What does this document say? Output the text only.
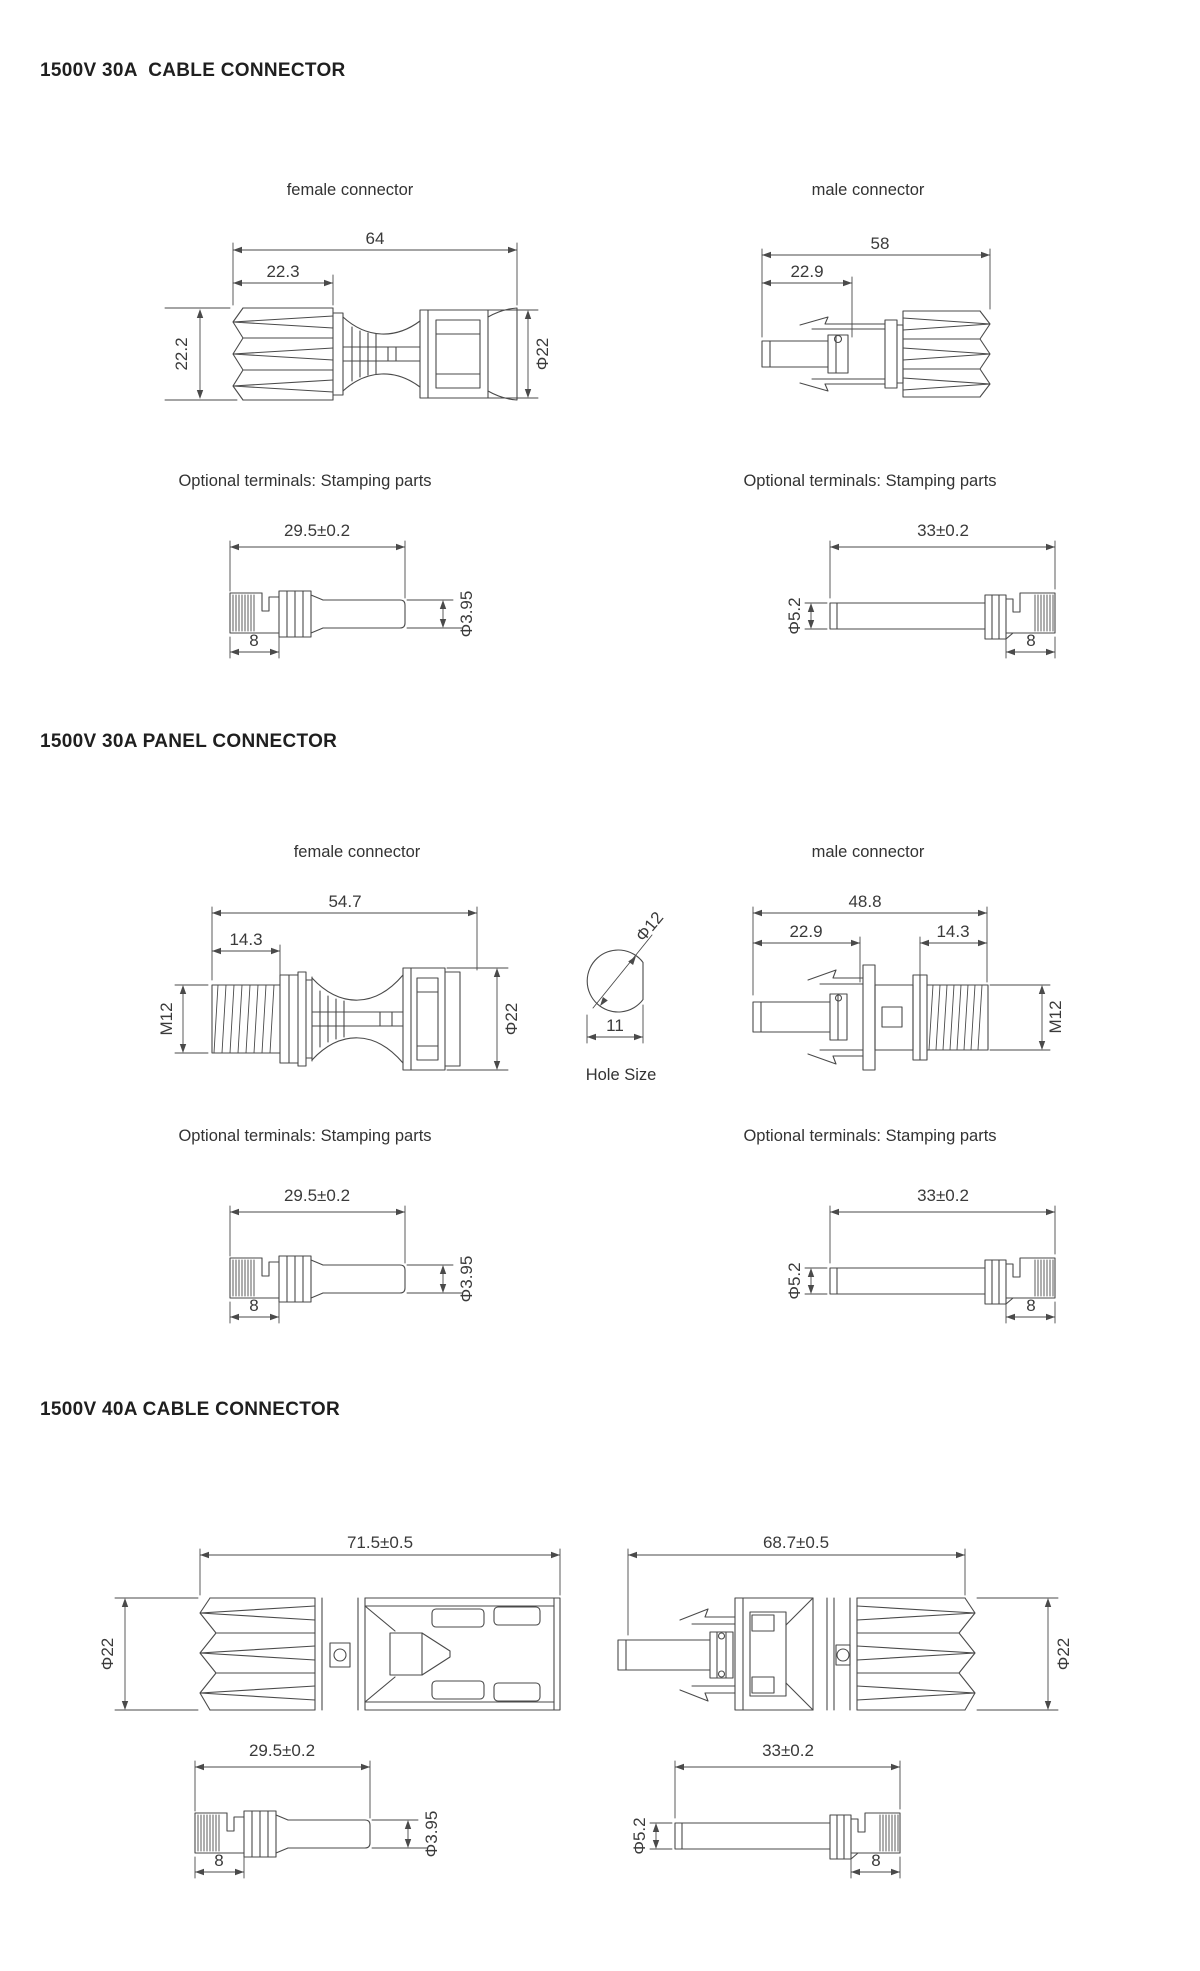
1500V 30A  CABLE CONNECTOR
female connector	male connector
64
22.3
22.2	Φ22
58
22.9
Optional terminals: Stamping parts	Optional terminals: Stamping parts
29.5±0.2
Φ3.95
8
33±0.2
Φ5.2
8
1500V 30A PANEL CONNECTOR
female connector	male connector
54.7
14.3
M12	Φ22
Φ12
11
Hole Size
48.8
22.9	14.3
M12
Optional terminals: Stamping parts	Optional terminals: Stamping parts
29.5±0.2
Φ3.95
8
33±0.2
Φ5.2
8
1500V 40A CABLE CONNECTOR
71.5±0.5
Φ22
68.7±0.5
Φ22
29.5±0.2
Φ3.95
8
33±0.2
Φ5.2
8
